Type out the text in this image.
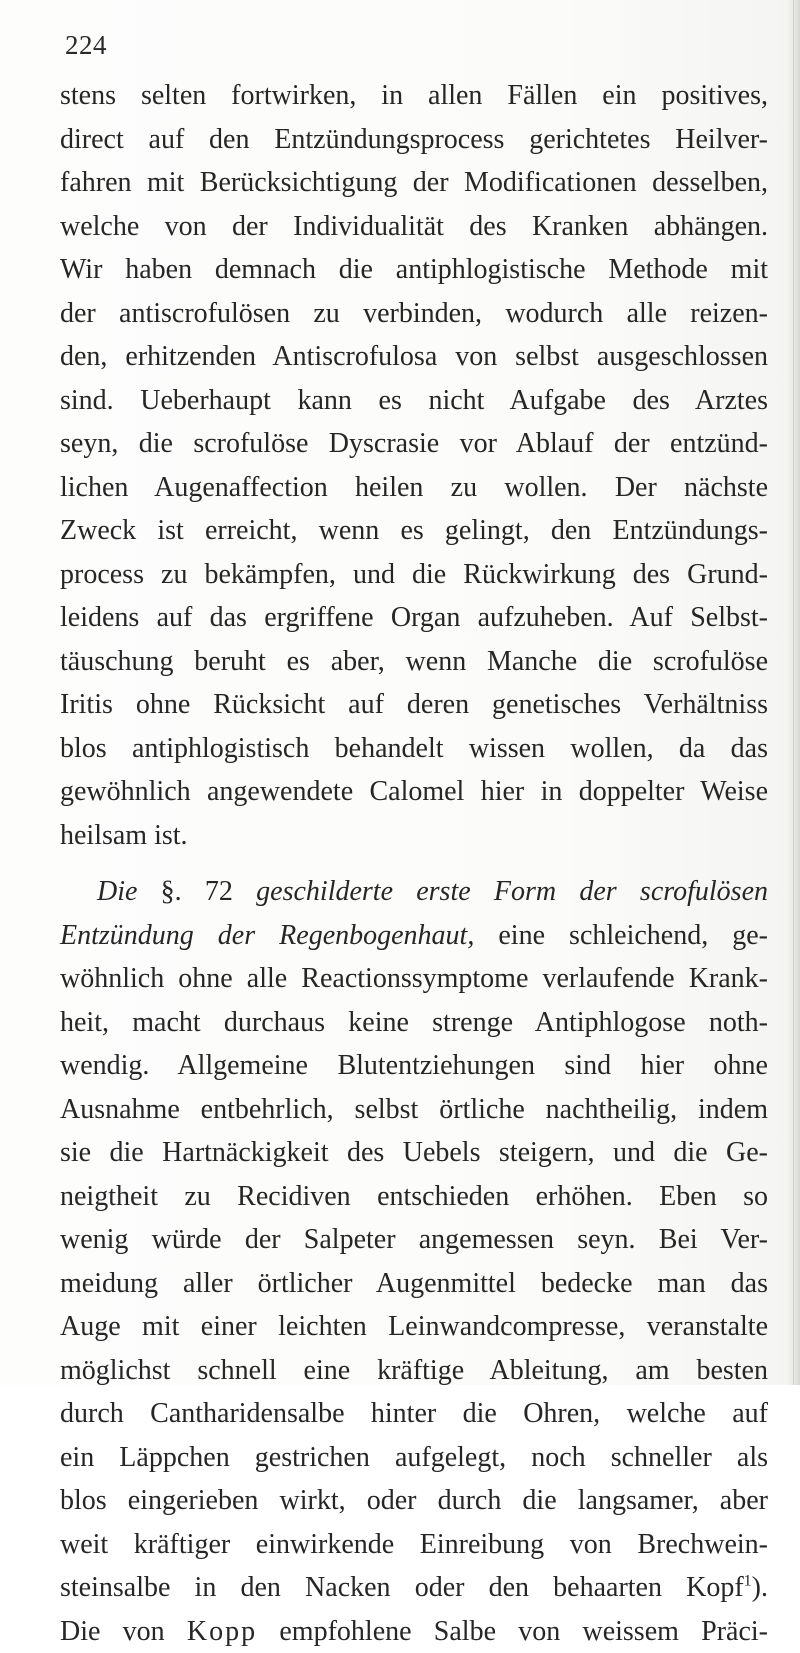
224
stens selten fortwirken, in allen Fällen ein positives,
direct auf den Entzündungsprocess gerichtetes Heilver-
fahren mit Berücksichtigung der Modificationen desselben,
welche von der Individualität des Kranken abhängen.
Wir haben demnach die antiphlogistische Methode mit
der antiscrofulösen zu verbinden, wodurch alle reizen-
den, erhitzenden Antiscrofulosa von selbst ausgeschlossen
sind. Ueberhaupt kann es nicht Aufgabe des Arztes
seyn, die scrofulöse Dyscrasie vor Ablauf der entzünd-
lichen Augenaffection heilen zu wollen. Der nächste
Zweck ist erreicht, wenn es gelingt, den Entzündungs-
process zu bekämpfen, und die Rückwirkung des Grund-
leidens auf das ergriffene Organ aufzuheben. Auf Selbst-
täuschung beruht es aber, wenn Manche die scrofulöse
Iritis ohne Rücksicht auf deren genetisches Verhältniss
blos antiphlogistisch behandelt wissen wollen, da das
gewöhnlich angewendete Calomel hier in doppelter Weise
heilsam ist.
Die §. 72 geschilderte erste Form der scrofulösen
Entzündung der Regenbogenhaut, eine schleichend, ge-
wöhnlich ohne alle Reactionssymptome verlaufende Krank-
heit, macht durchaus keine strenge Antiphlogose noth-
wendig. Allgemeine Blutentziehungen sind hier ohne
Ausnahme entbehrlich, selbst örtliche nachtheilig, indem
sie die Hartnäckigkeit des Uebels steigern, und die Ge-
neigtheit zu Recidiven entschieden erhöhen. Eben so
wenig würde der Salpeter angemessen seyn. Bei Ver-
meidung aller örtlicher Augenmittel bedecke man das
Auge mit einer leichten Leinwandcompresse, veranstalte
möglichst schnell eine kräftige Ableitung, am besten
durch Cantharidensalbe hinter die Ohren, welche auf
ein Läppchen gestrichen aufgelegt, noch schneller als
blos eingerieben wirkt, oder durch die langsamer, aber
weit kräftiger einwirkende Einreibung von Brechwein-
steinsalbe in den Nacken oder den behaarten Kopf$^1$).
Die von Kopp empfohlene Salbe von weissem Präci-
